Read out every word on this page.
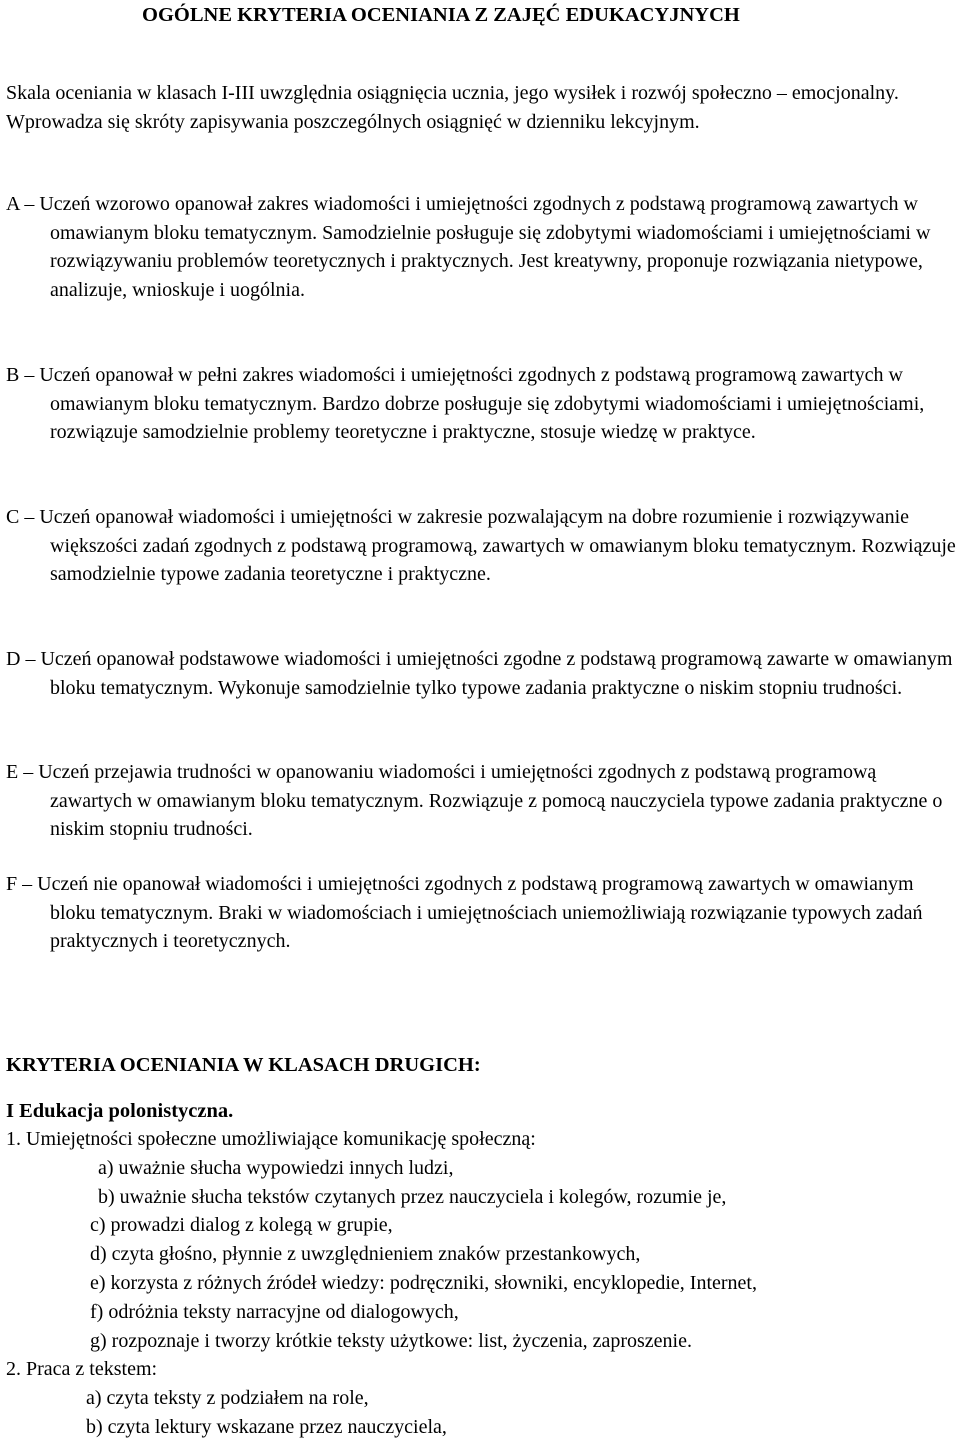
OGÓLNE KRYTERIA OCENIANIA Z ZAJĘĆ EDUKACYJNYCH

Skala oceniania w klasach I-III uwzględnia osiągnięcia ucznia, jego wysiłek i rozwój społeczno – emocjonalny. Wprowadza się skróty zapisywania poszczególnych osiągnięć w dzienniku lekcyjnym.

A – Uczeń wzorowo opanował zakres wiadomości i umiejętności zgodnych z podstawą programową zawartych w omawianym bloku tematycznym. Samodzielnie posługuje się zdobytymi wiadomościami i umiejętnościami w rozwiązywaniu problemów teoretycznych i praktycznych. Jest kreatywny, proponuje rozwiązania nietypowe, analizuje, wnioskuje i uogólnia.

B – Uczeń opanował w pełni zakres wiadomości i umiejętności zgodnych z podstawą programową zawartych w omawianym bloku tematycznym. Bardzo dobrze posługuje się zdobytymi wiadomościami i umiejętnościami, rozwiązuje samodzielnie problemy teoretyczne i praktyczne, stosuje wiedzę w praktyce.

C – Uczeń opanował wiadomości i umiejętności w zakresie pozwalającym na dobre rozumienie i rozwiązywanie większości zadań zgodnych z podstawą programową, zawartych w omawianym bloku tematycznym. Rozwiązuje samodzielnie typowe zadania teoretyczne i praktyczne.

D – Uczeń opanował podstawowe wiadomości i umiejętności zgodne z podstawą programową zawarte w omawianym bloku tematycznym. Wykonuje samodzielnie tylko typowe zadania praktyczne o niskim stopniu trudności.

E – Uczeń przejawia trudności w opanowaniu wiadomości i umiejętności zgodnych z podstawą programową zawartych w omawianym bloku tematycznym. Rozwiązuje z pomocą nauczyciela typowe zadania praktyczne o niskim stopniu trudności.

F – Uczeń nie opanował wiadomości i umiejętności zgodnych z podstawą programową zawartych w omawianym bloku tematycznym. Braki w wiadomościach i umiejętnościach uniemożliwiają rozwiązanie typowych zadań praktycznych i teoretycznych.

KRYTERIA OCENIANIA W KLASACH DRUGICH:
I Edukacja polonistyczna.
1. Umiejętności społeczne umożliwiające komunikację społeczną:
a) uważnie słucha wypowiedzi innych ludzi,
b) uważnie słucha tekstów czytanych przez nauczyciela i kolegów, rozumie je,
c) prowadzi dialog z kolegą w grupie,
d) czyta głośno, płynnie z uwzględnieniem znaków przestankowych,
e) korzysta z różnych źródeł wiedzy: podręczniki, słowniki, encyklopedie, Internet,
f) odróżnia teksty narracyjne od dialogowych,
g) rozpoznaje i tworzy krótkie teksty użytkowe: list, życzenia, zaproszenie.
2. Praca z tekstem:
a) czyta teksty z podziałem na role,
b) czyta lektury wskazane przez nauczyciela,
